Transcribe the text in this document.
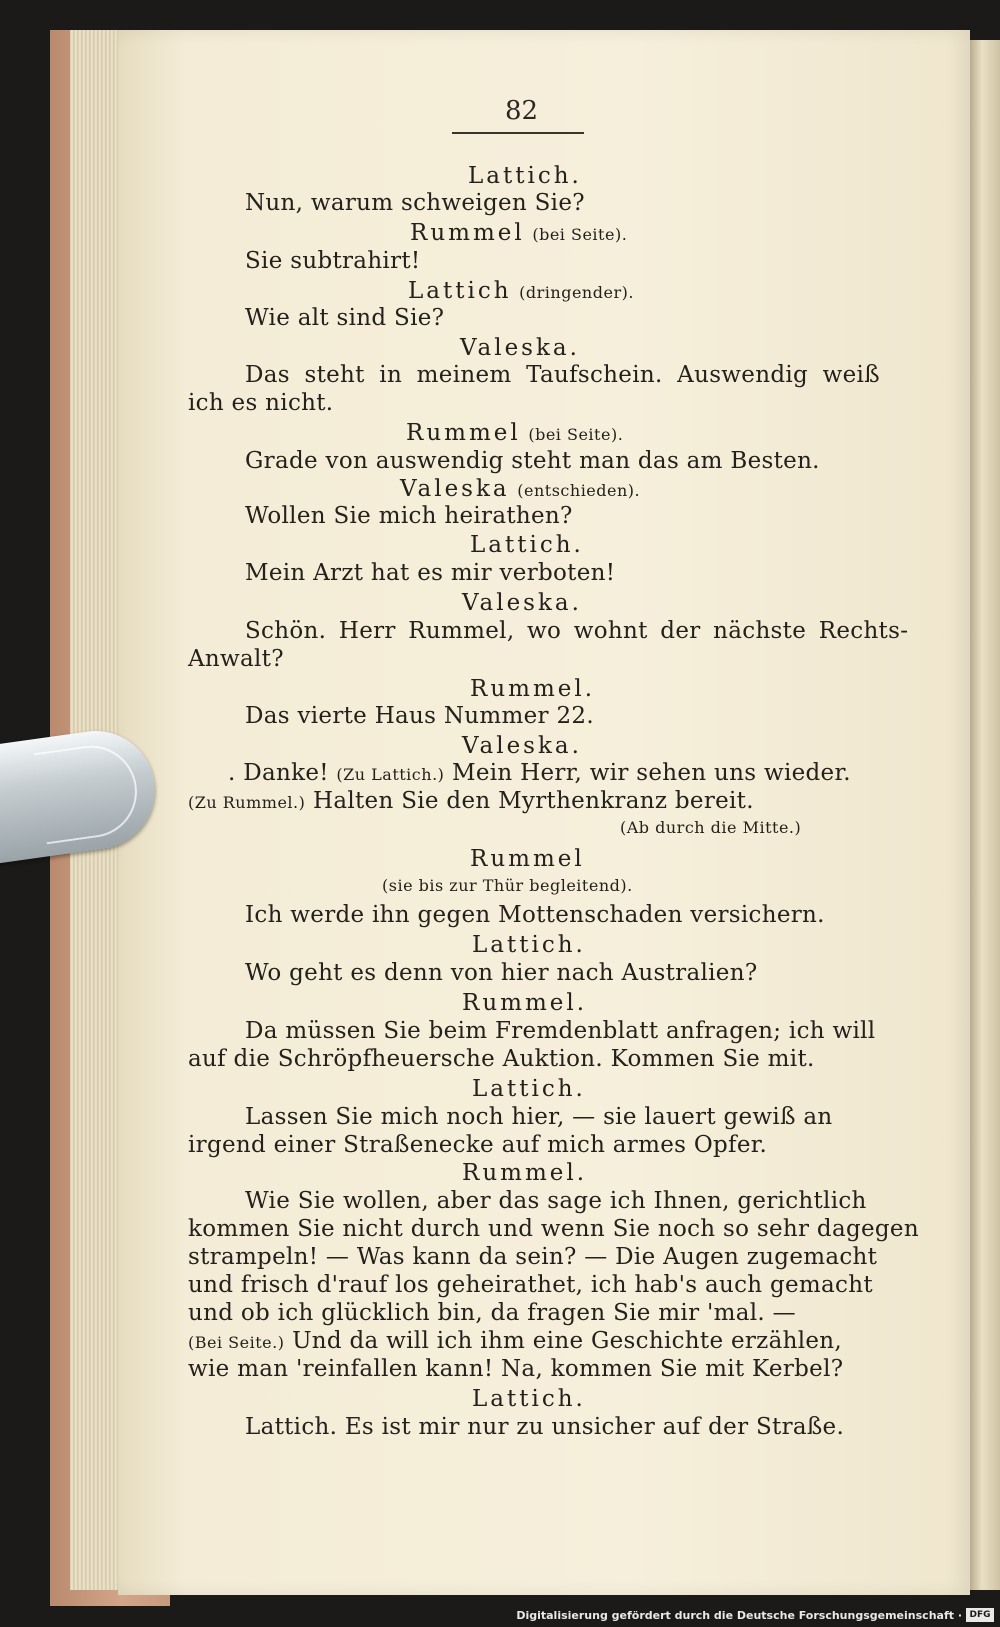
82
Lattich.
Nun, warum schweigen Sie?
Rummel (bei Seite).
Sie subtrahirt!
Lattich (dringender).
Wie alt sind Sie?
Valeska.
Das steht in meinem Taufschein. Auswendig weiß
ich es nicht.
Rummel (bei Seite).
Grade von auswendig steht man das am Besten.
Valeska (entschieden).
Wollen Sie mich heirathen?
Lattich.
Mein Arzt hat es mir verboten!
Valeska.
Schön. Herr Rummel, wo wohnt der nächste Rechts-
Anwalt?
Rummel.
Das vierte Haus Nummer 22.
Valeska.
. Danke! (Zu Lattich.) Mein Herr, wir sehen uns wieder.
(Zu Rummel.) Halten Sie den Myrthenkranz bereit.
(Ab durch die Mitte.)
Rummel
(sie bis zur Thür begleitend).
Ich werde ihn gegen Mottenschaden versichern.
Lattich.
Wo geht es denn von hier nach Australien?
Rummel.
Da müssen Sie beim Fremdenblatt anfragen; ich will
auf die Schröpfheuersche Auktion. Kommen Sie mit.
Lattich.
Lassen Sie mich noch hier, — sie lauert gewiß an
irgend einer Straßenecke auf mich armes Opfer.
Rummel.
Wie Sie wollen, aber das sage ich Ihnen, gerichtlich
kommen Sie nicht durch und wenn Sie noch so sehr dagegen
strampeln! — Was kann da sein? — Die Augen zugemacht
und frisch d'rauf los geheirathet, ich hab's auch gemacht
und ob ich glücklich bin, da fragen Sie mir 'mal. —
(Bei Seite.) Und da will ich ihm eine Geschichte erzählen,
wie man 'reinfallen kann! Na, kommen Sie mit Kerbel?
Lattich.
Lattich. Es ist mir nur zu unsicher auf der Straße.
Digitalisierung gefördert durch die Deutsche Forschungsgemeinschaft · DFG
